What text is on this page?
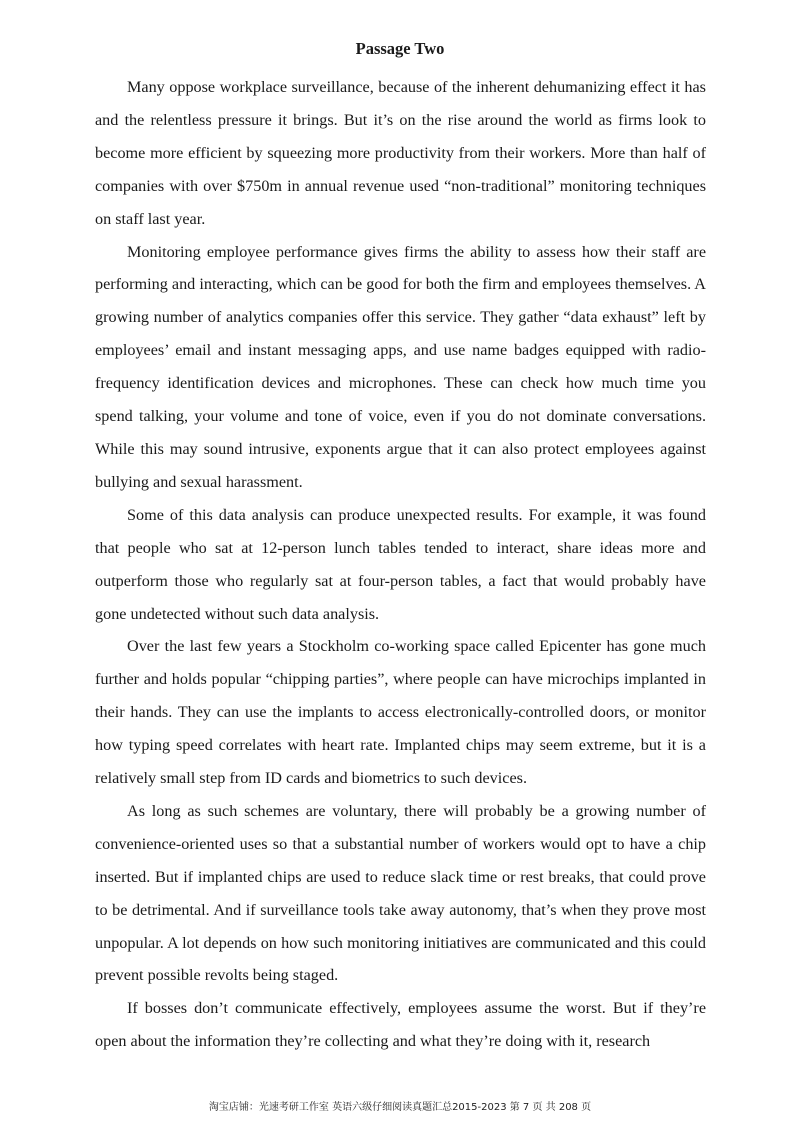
Passage Two

Many oppose workplace surveillance, because of the inherent dehumanizing effect it has and the relentless pressure it brings. But it’s on the rise around the world as firms look to become more efficient by squeezing more productivity from their workers. More than half of companies with over $750m in annual revenue used “non-traditional” monitoring techniques on staff last year.

Monitoring employee performance gives firms the ability to assess how their staff are performing and interacting, which can be good for both the firm and employees themselves. A growing number of analytics companies offer this service. They gather “data exhaust” left by employees’ email and instant messaging apps, and use name badges equipped with radio-frequency identification devices and microphones. These can check how much time you spend talking, your volume and tone of voice, even if you do not dominate conversations. While this may sound intrusive, exponents argue that it can also protect employees against bullying and sexual harassment.

Some of this data analysis can produce unexpected results. For example, it was found that people who sat at 12-person lunch tables tended to interact, share ideas more and outperform those who regularly sat at four-person tables, a fact that would probably have gone undetected without such data analysis.

Over the last few years a Stockholm co-working space called Epicenter has gone much further and holds popular “chipping parties”, where people can have microchips implanted in their hands. They can use the implants to access electronically-controlled doors, or monitor how typing speed correlates with heart rate. Implanted chips may seem extreme, but it is a relatively small step from ID cards and biometrics to such devices.

As long as such schemes are voluntary, there will probably be a growing number of convenience-oriented uses so that a substantial number of workers would opt to have a chip inserted. But if implanted chips are used to reduce slack time or rest breaks, that could prove to be detrimental. And if surveillance tools take away autonomy, that’s when they prove most unpopular. A lot depends on how such monitoring initiatives are communicated and this could prevent possible revolts being staged.

If bosses don’t communicate effectively, employees assume the worst. But if they’re open about the information they’re collecting and what they’re doing with it, research

淘宝店铺：光速考研工作室 英语六级仔细阅读真题汇总2015-2023 第 7 页 共 208 页
